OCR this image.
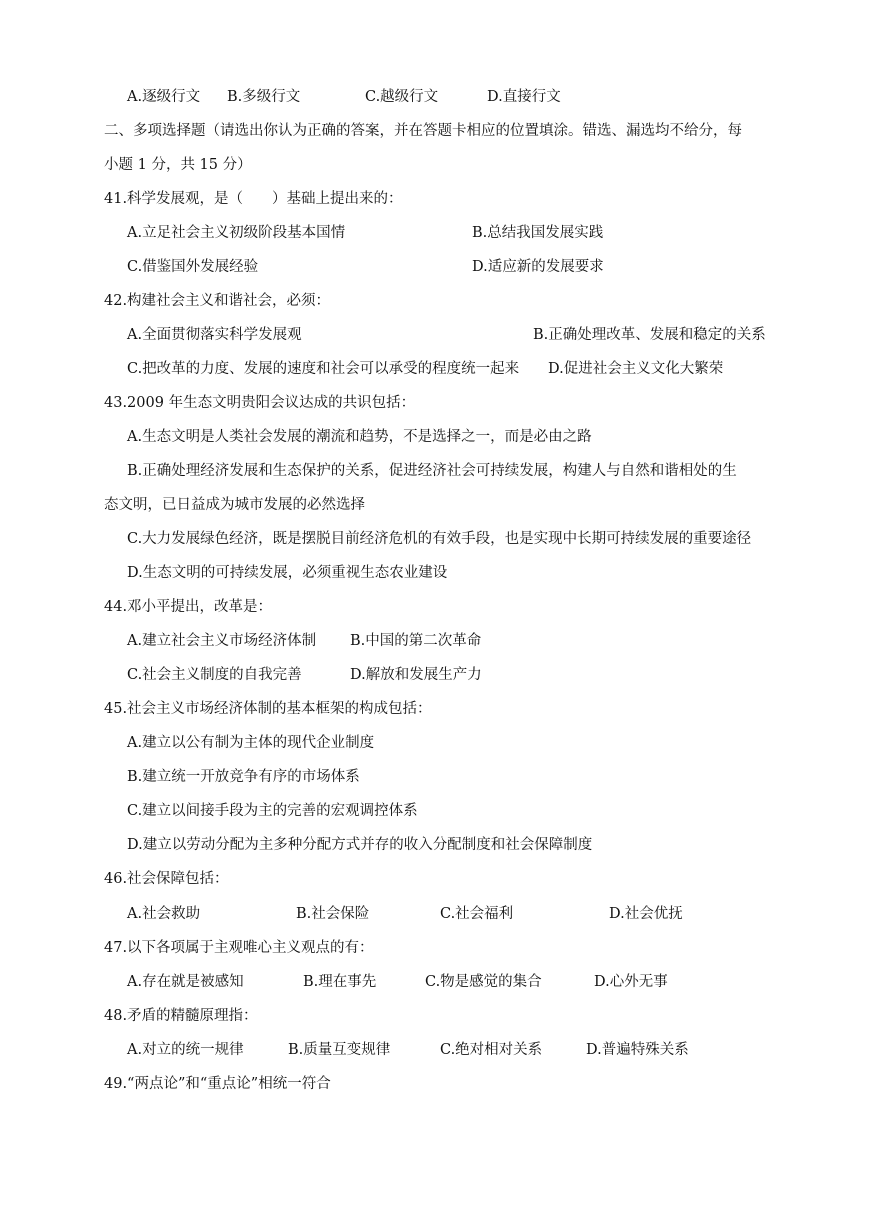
A.逐级行文 B.多级行文	C.越级行文	D.直接行文
二、多项选择题（请选出你认为正确的答案，并在答题卡相应的位置填涂。错选、漏选均不给分，每
小题 1 分，共 15 分）
41.科学发展观，是（　　）基础上提出来的：
A.立足社会主义初级阶段基本国情	B.总结我国发展实践
C.借鉴国外发展经验	D.适应新的发展要求
42.构建社会主义和谐社会，必须：
A.全面贯彻落实科学发展观	B.正确处理改革、发展和稳定的关系
C.把改革的力度、发展的速度和社会可以承受的程度统一起来 D.促进社会主义文化大繁荣
43.2009 年生态文明贵阳会议达成的共识包括：
A.生态文明是人类社会发展的潮流和趋势，不是选择之一，而是必由之路
B.正确处理经济发展和生态保护的关系，促进经济社会可持续发展，构建人与自然和谐相处的生
态文明，已日益成为城市发展的必然选择
C.大力发展绿色经济，既是摆脱目前经济危机的有效手段，也是实现中长期可持续发展的重要途径
D.生态文明的可持续发展，必须重视生态农业建设
44.邓小平提出，改革是：
A.建立社会主义市场经济体制 B.中国的第二次革命
C.社会主义制度的自我完善	D.解放和发展生产力
45.社会主义市场经济体制的基本框架的构成包括：
A.建立以公有制为主体的现代企业制度
B.建立统一开放竞争有序的市场体系
C.建立以间接手段为主的完善的宏观调控体系
D.建立以劳动分配为主多种分配方式并存的收入分配制度和社会保障制度
46.社会保障包括：
A.社会救助	B.社会保险	C.社会福利	D.社会优抚
47.以下各项属于主观唯心主义观点的有：
A.存在就是被感知	B.理在事先	C.物是感觉的集合	D.心外无事
48.矛盾的精髓原理指：
A.对立的统一规律	B.质量互变规律	C.绝对相对关系	D.普遍特殊关系
49.“两点论”和“重点论”相统一符合
